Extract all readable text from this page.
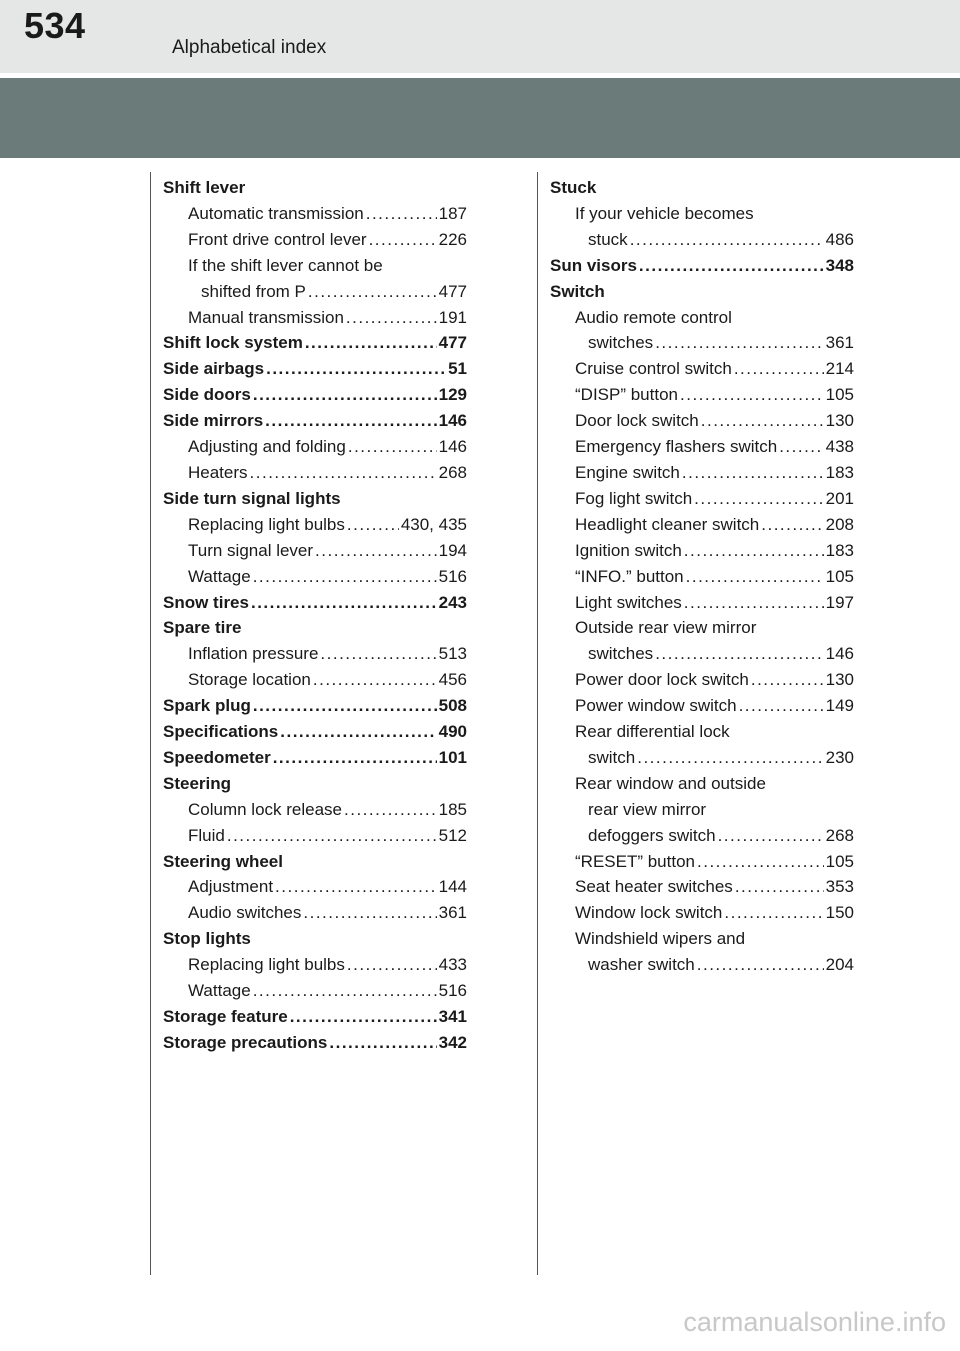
534
Alphabetical index
Shift lever
Automatic transmission .....	187
Front drive control lever .....	226
If the shift lever cannot be
shifted from P .....	477
Manual transmission .....	191
Shift lock system .....	477
Side airbags .....	51
Side doors .....	129
Side mirrors .....	146
Adjusting and folding .....	146
Heaters .....	268
Side turn signal lights
Replacing light bulbs .....	430, 435
Turn signal lever .....	194
Wattage .....	516
Snow tires .....	243
Spare tire
Inflation pressure .....	513
Storage location .....	456
Spark plug .....	508
Specifications .....	490
Speedometer .....	101
Steering
Column lock release .....	185
Fluid .....	512
Steering wheel
Adjustment .....	144
Audio switches .....	361
Stop lights
Replacing light bulbs .....	433
Wattage .....	516
Storage feature .....	341
Storage precautions .....	342
Stuck
If your vehicle becomes
stuck .....	486
Sun visors .....	348
Switch
Audio remote control
switches .....	361
Cruise control switch .....	214
“DISP” button .....	105
Door lock switch .....	130
Emergency flashers switch .....	438
Engine switch .....	183
Fog light switch .....	201
Headlight cleaner switch .....	208
Ignition switch .....	183
“INFO.” button .....	105
Light switches .....	197
Outside rear view mirror
switches .....	146
Power door lock switch .....	130
Power window switch .....	149
Rear differential lock
switch .....	230
Rear window and outside
rear view mirror
defoggers switch .....	268
“RESET” button .....	105
Seat heater switches .....	353
Window lock switch .....	150
Windshield wipers and
washer switch .....	204
carmanualsonline.info
